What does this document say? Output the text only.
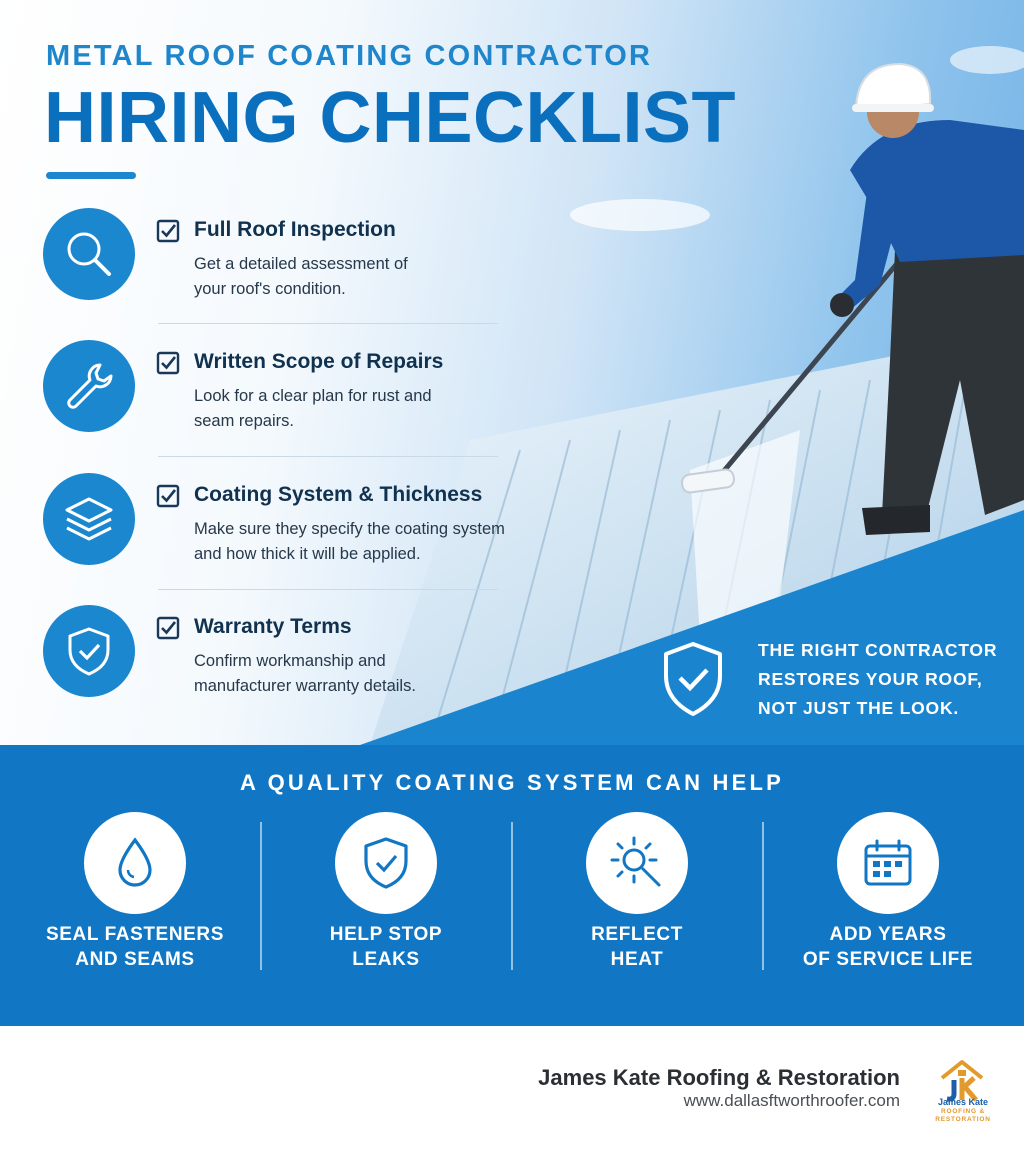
METAL ROOF COATING CONTRACTOR
HIRING CHECKLIST
Full Roof Inspection
Get a detailed assessment of your roof's condition.
Written Scope of Repairs
Look for a clear plan for rust and seam repairs.
Coating System & Thickness
Make sure they specify the coating system and how thick it will be applied.
Warranty Terms
Confirm workmanship and manufacturer warranty details.
THE RIGHT CONTRACTOR RESTORES YOUR ROOF, NOT JUST THE LOOK.
A QUALITY COATING SYSTEM CAN HELP
SEAL FASTENERS
AND SEAMS
HELP STOP
LEAKS
REFLECT
HEAT
ADD YEARS
OF SERVICE LIFE
James Kate Roofing & Restoration
www.dallasftworthroofer.com	James Kate
ROOFING & RESTORATION
